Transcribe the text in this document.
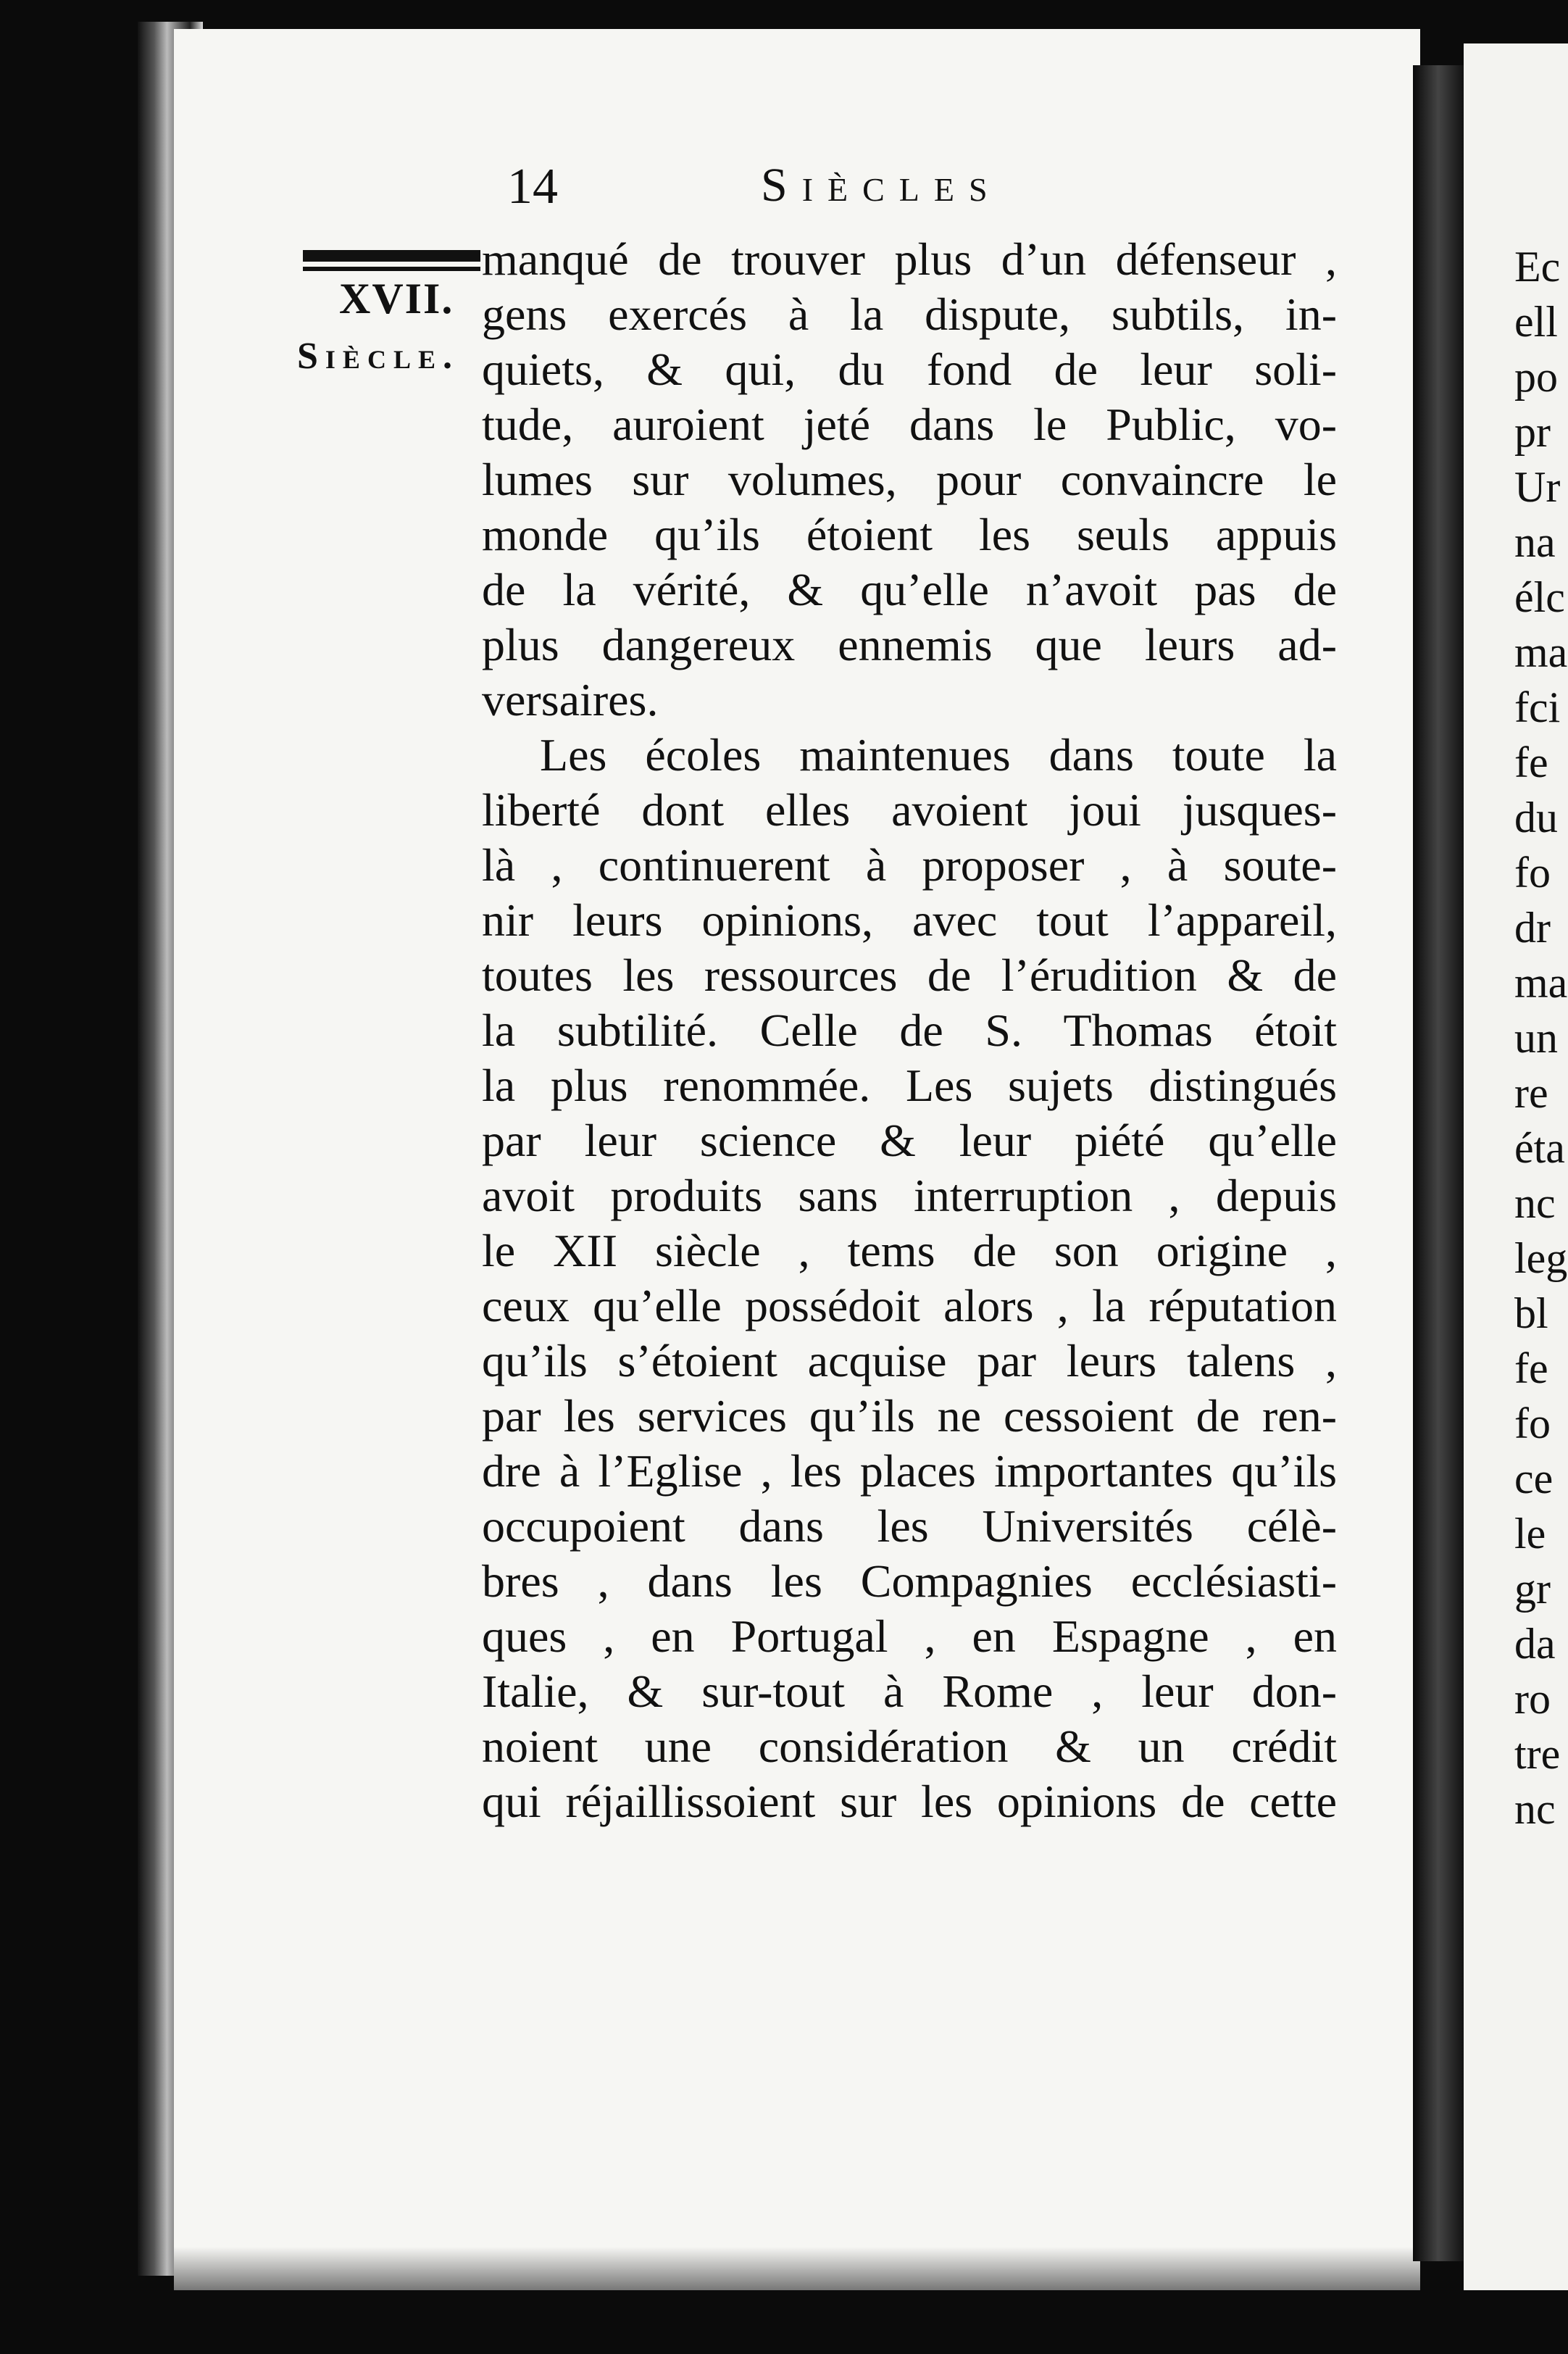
14	Siècles
XVII.
Siècle.
manqué de trouver plus d’un défenseur ,
gens exercés à la dispute, subtils, in-
quiets, & qui, du fond de leur soli-
tude, auroient jeté dans le Public, vo-
lumes sur volumes, pour convaincre le
monde qu’ils étoient les seuls appuis
de la vérité, & qu’elle n’avoit pas de
plus dangereux ennemis que leurs ad-
versaires.
Les écoles maintenues dans toute la
liberté dont elles avoient joui jusques-
là , continuerent à proposer , à soute-
nir leurs opinions, avec tout l’appareil,
toutes les ressources de l’érudition & de
la subtilité. Celle de S. Thomas étoit
la plus renommée. Les sujets distingués
par leur science & leur piété qu’elle
avoit produits sans interruption , depuis
le XII siècle , tems de son origine ,
ceux qu’elle possédoit alors , la réputation
qu’ils s’étoient acquise par leurs talens ,
par les services qu’ils ne cessoient de ren-
dre à l’Eglise , les places importantes qu’ils
occupoient dans les Universités célè-
bres , dans les Compagnies ecclésiasti-
ques , en Portugal , en Espagne , en
Italie, & sur-tout à Rome , leur don-
noient une considération & un crédit
qui réjaillissoient sur les opinions de cette
Ec
ell
po
pr
Ur
na
élc
ma
fci
fe
du
fo
dr
ma
un
re
éta
nc
leg
bl
fe
fo
ce
le
gr
da
ro
tre
nc
